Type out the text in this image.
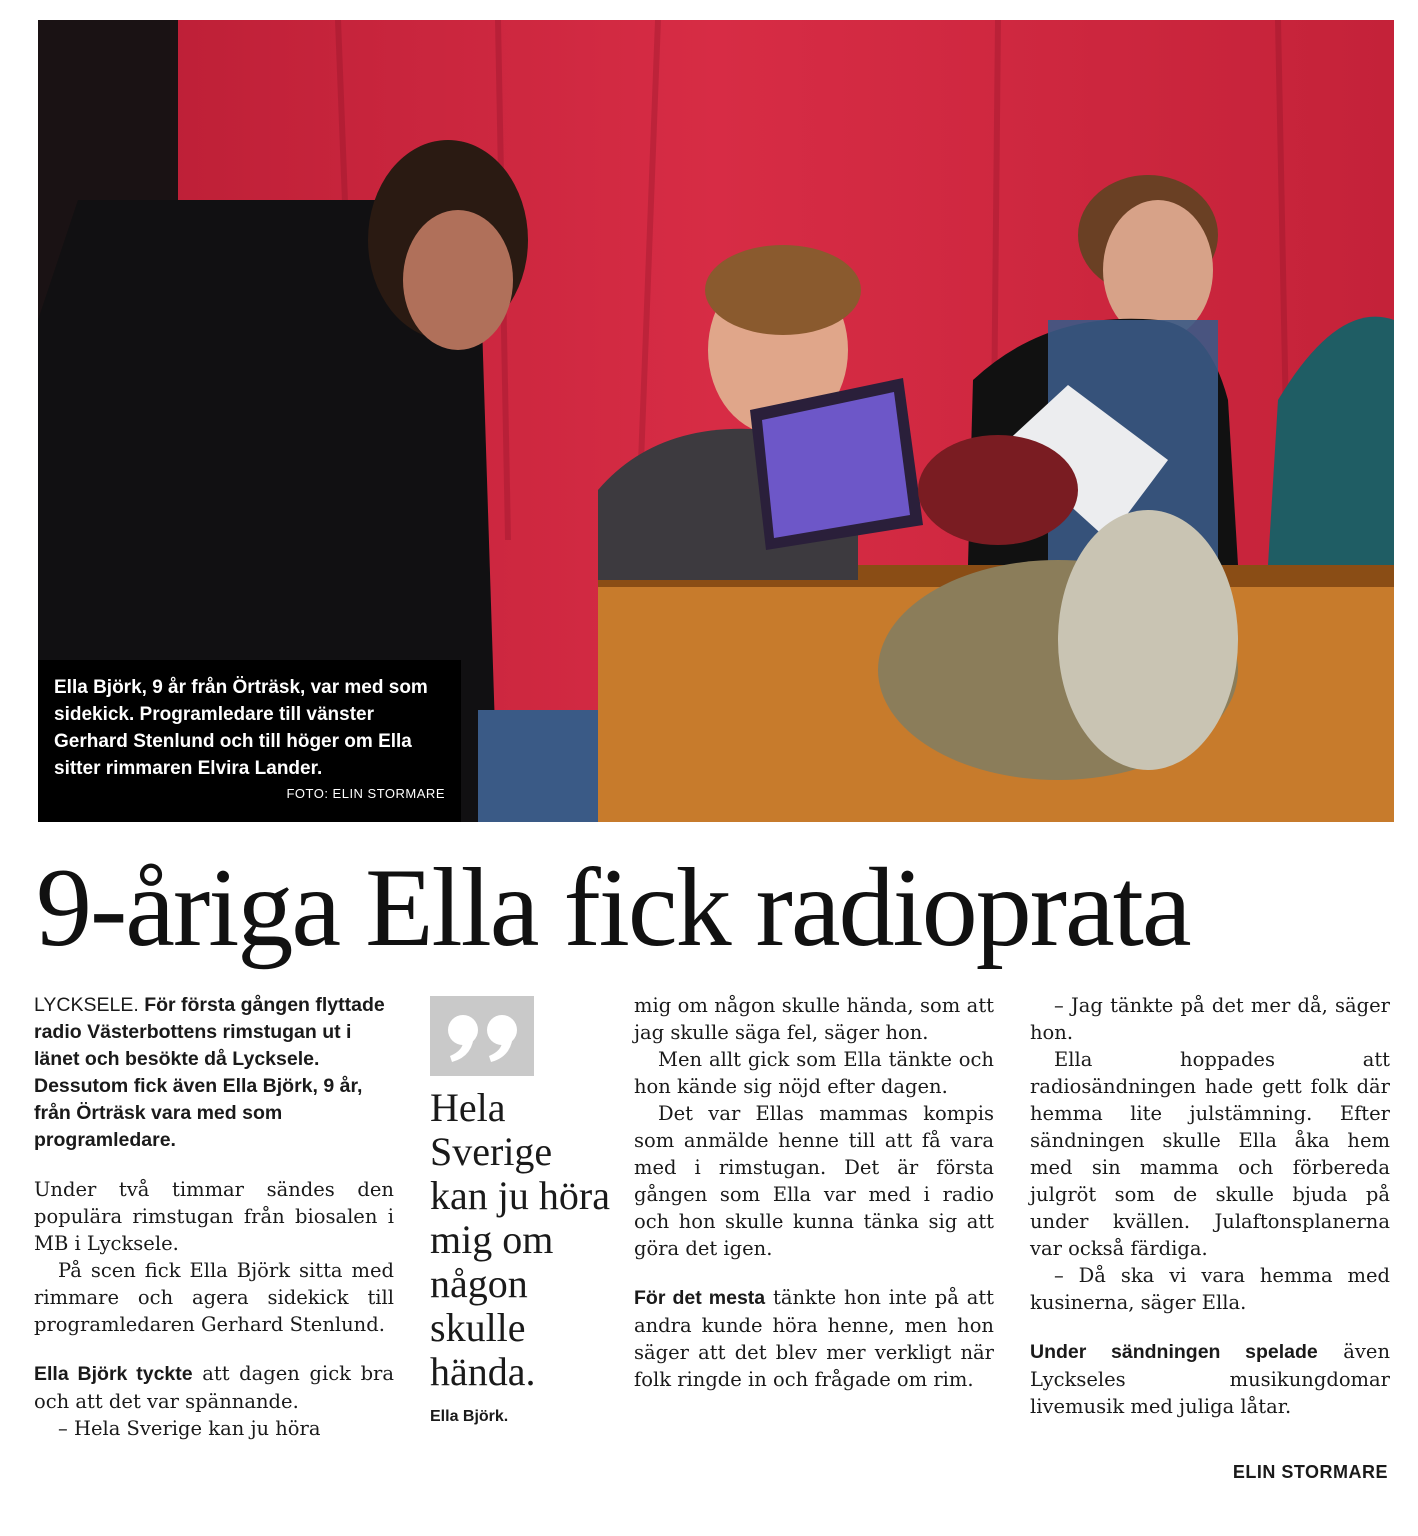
Ella Björk, 9 år från Örträsk, var med som sidekick. Programledare till vänster Gerhard Stenlund och till höger om Ella sitter rimmaren Elvira Lander.
FOTO: ELIN STORMARE
9-åriga Ella fick radioprata

LYCKSELE. För första gången flyttade radio Västerbottens rimstugan ut i länet och besökte då Lycksele. Dessutom fick även Ella Björk, 9 år, från Örträsk vara med som programledare.

Under två timmar sändes den populära rimstugan från biosalen i MB i Lycksele.

På scen fick Ella Björk sitta med rimmare och agera sidekick till programledaren Gerhard Stenlund.

Ella Björk tyckte att dagen gick bra och att det var spännande.

– Hela Sverige kan ju höra

Hela Sverige kan ju höra mig om någon skulle hända.
Ella Björk.

mig om någon skulle hända, som att jag skulle säga fel, säger hon.

Men allt gick som Ella tänkte och hon kände sig nöjd efter dagen.

Det var Ellas mammas kompis som anmälde henne till att få vara med i rimstugan. Det är första gången som Ella var med i radio och hon skulle kunna tänka sig att göra det igen.

För det mesta tänkte hon inte på att andra kunde höra henne, men hon säger att det blev mer verkligt när folk ringde in och frågade om rim.

– Jag tänkte på det mer då, säger hon.

Ella hoppades att radiosändningen hade gett folk där hemma lite julstämning. Efter sändningen skulle Ella åka hem med sin mamma och förbereda julgröt som de skulle bjuda på under kvällen. Julaftonsplanerna var också färdiga.

– Då ska vi vara hemma med kusinerna, säger Ella.

Under sändningen spelade även Lyckseles musikungdomar livemusik med juliga låtar.

ELIN STORMARE
